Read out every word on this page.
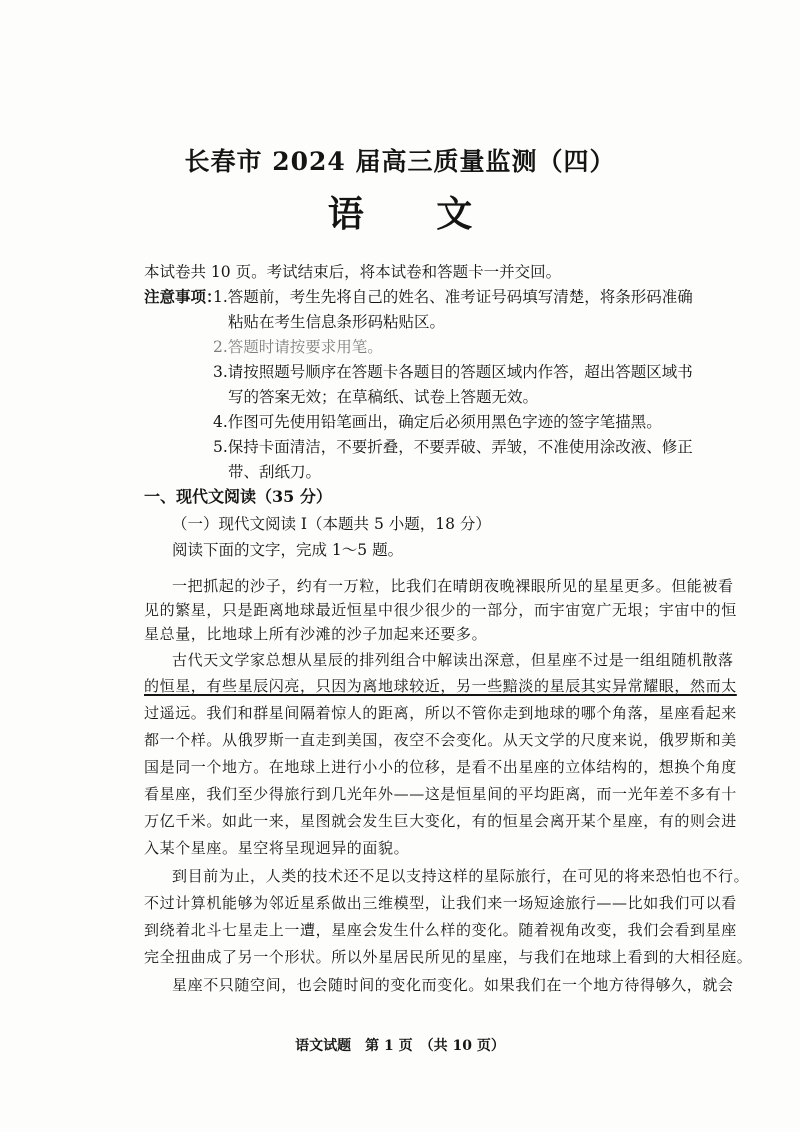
长春市 2024 届高三质量监测（四）
语 文
本试卷共 10 页。考试结束后，将本试卷和答题卡一并交回。
注意事项：
1.答题前，考生先将自己的姓名、准考证号码填写清楚，将条形码准确
粘贴在考生信息条形码粘贴区。
2.答题时请按要求用笔。
3.请按照题号顺序在答题卡各题目的答题区域内作答，超出答题区域书
写的答案无效；在草稿纸、试卷上答题无效。
4.作图可先使用铅笔画出，确定后必须用黑色字迹的签字笔描黑。
5.保持卡面清洁，不要折叠，不要弄破、弄皱，不准使用涂改液、修正
带、刮纸刀。
一、现代文阅读（35 分）
（一）现代文阅读 I（本题共 5 小题，18 分）
阅读下面的文字，完成 1～5 题。
一把抓起的沙子，约有一万粒，比我们在晴朗夜晚裸眼所见的星星更多。但能被看
见的繁星，只是距离地球最近恒星中很少很少的一部分，而宇宙宽广无垠；宇宙中的恒
星总量，比地球上所有沙滩的沙子加起来还要多。
古代天文学家总想从星辰的排列组合中解读出深意，但星座不过是一组组随机散落
的恒星，有些星辰闪亮，只因为离地球较近，另一些黯淡的星辰其实异常耀眼，然而太
过遥远。我们和群星间隔着惊人的距离，所以不管你走到地球的哪个角落，星座看起来
都一个样。从俄罗斯一直走到美国，夜空不会变化。从天文学的尺度来说，俄罗斯和美
国是同一个地方。在地球上进行小小的位移，是看不出星座的立体结构的，想换个角度
看星座，我们至少得旅行到几光年外——这是恒星间的平均距离，而一光年差不多有十
万亿千米。如此一来，星图就会发生巨大变化，有的恒星会离开某个星座，有的则会进
入某个星座。星空将呈现迥异的面貌。
到目前为止，人类的技术还不足以支持这样的星际旅行，在可见的将来恐怕也不行。
不过计算机能够为邻近星系做出三维模型，让我们来一场短途旅行——比如我们可以看
到绕着北斗七星走上一遭，星座会发生什么样的变化。随着视角改变，我们会看到星座
完全扭曲成了另一个形状。所以外星居民所见的星座，与我们在地球上看到的大相径庭。
星座不只随空间，也会随时间的变化而变化。如果我们在一个地方待得够久，就会
语文试题　第 1 页　（共 10 页）
